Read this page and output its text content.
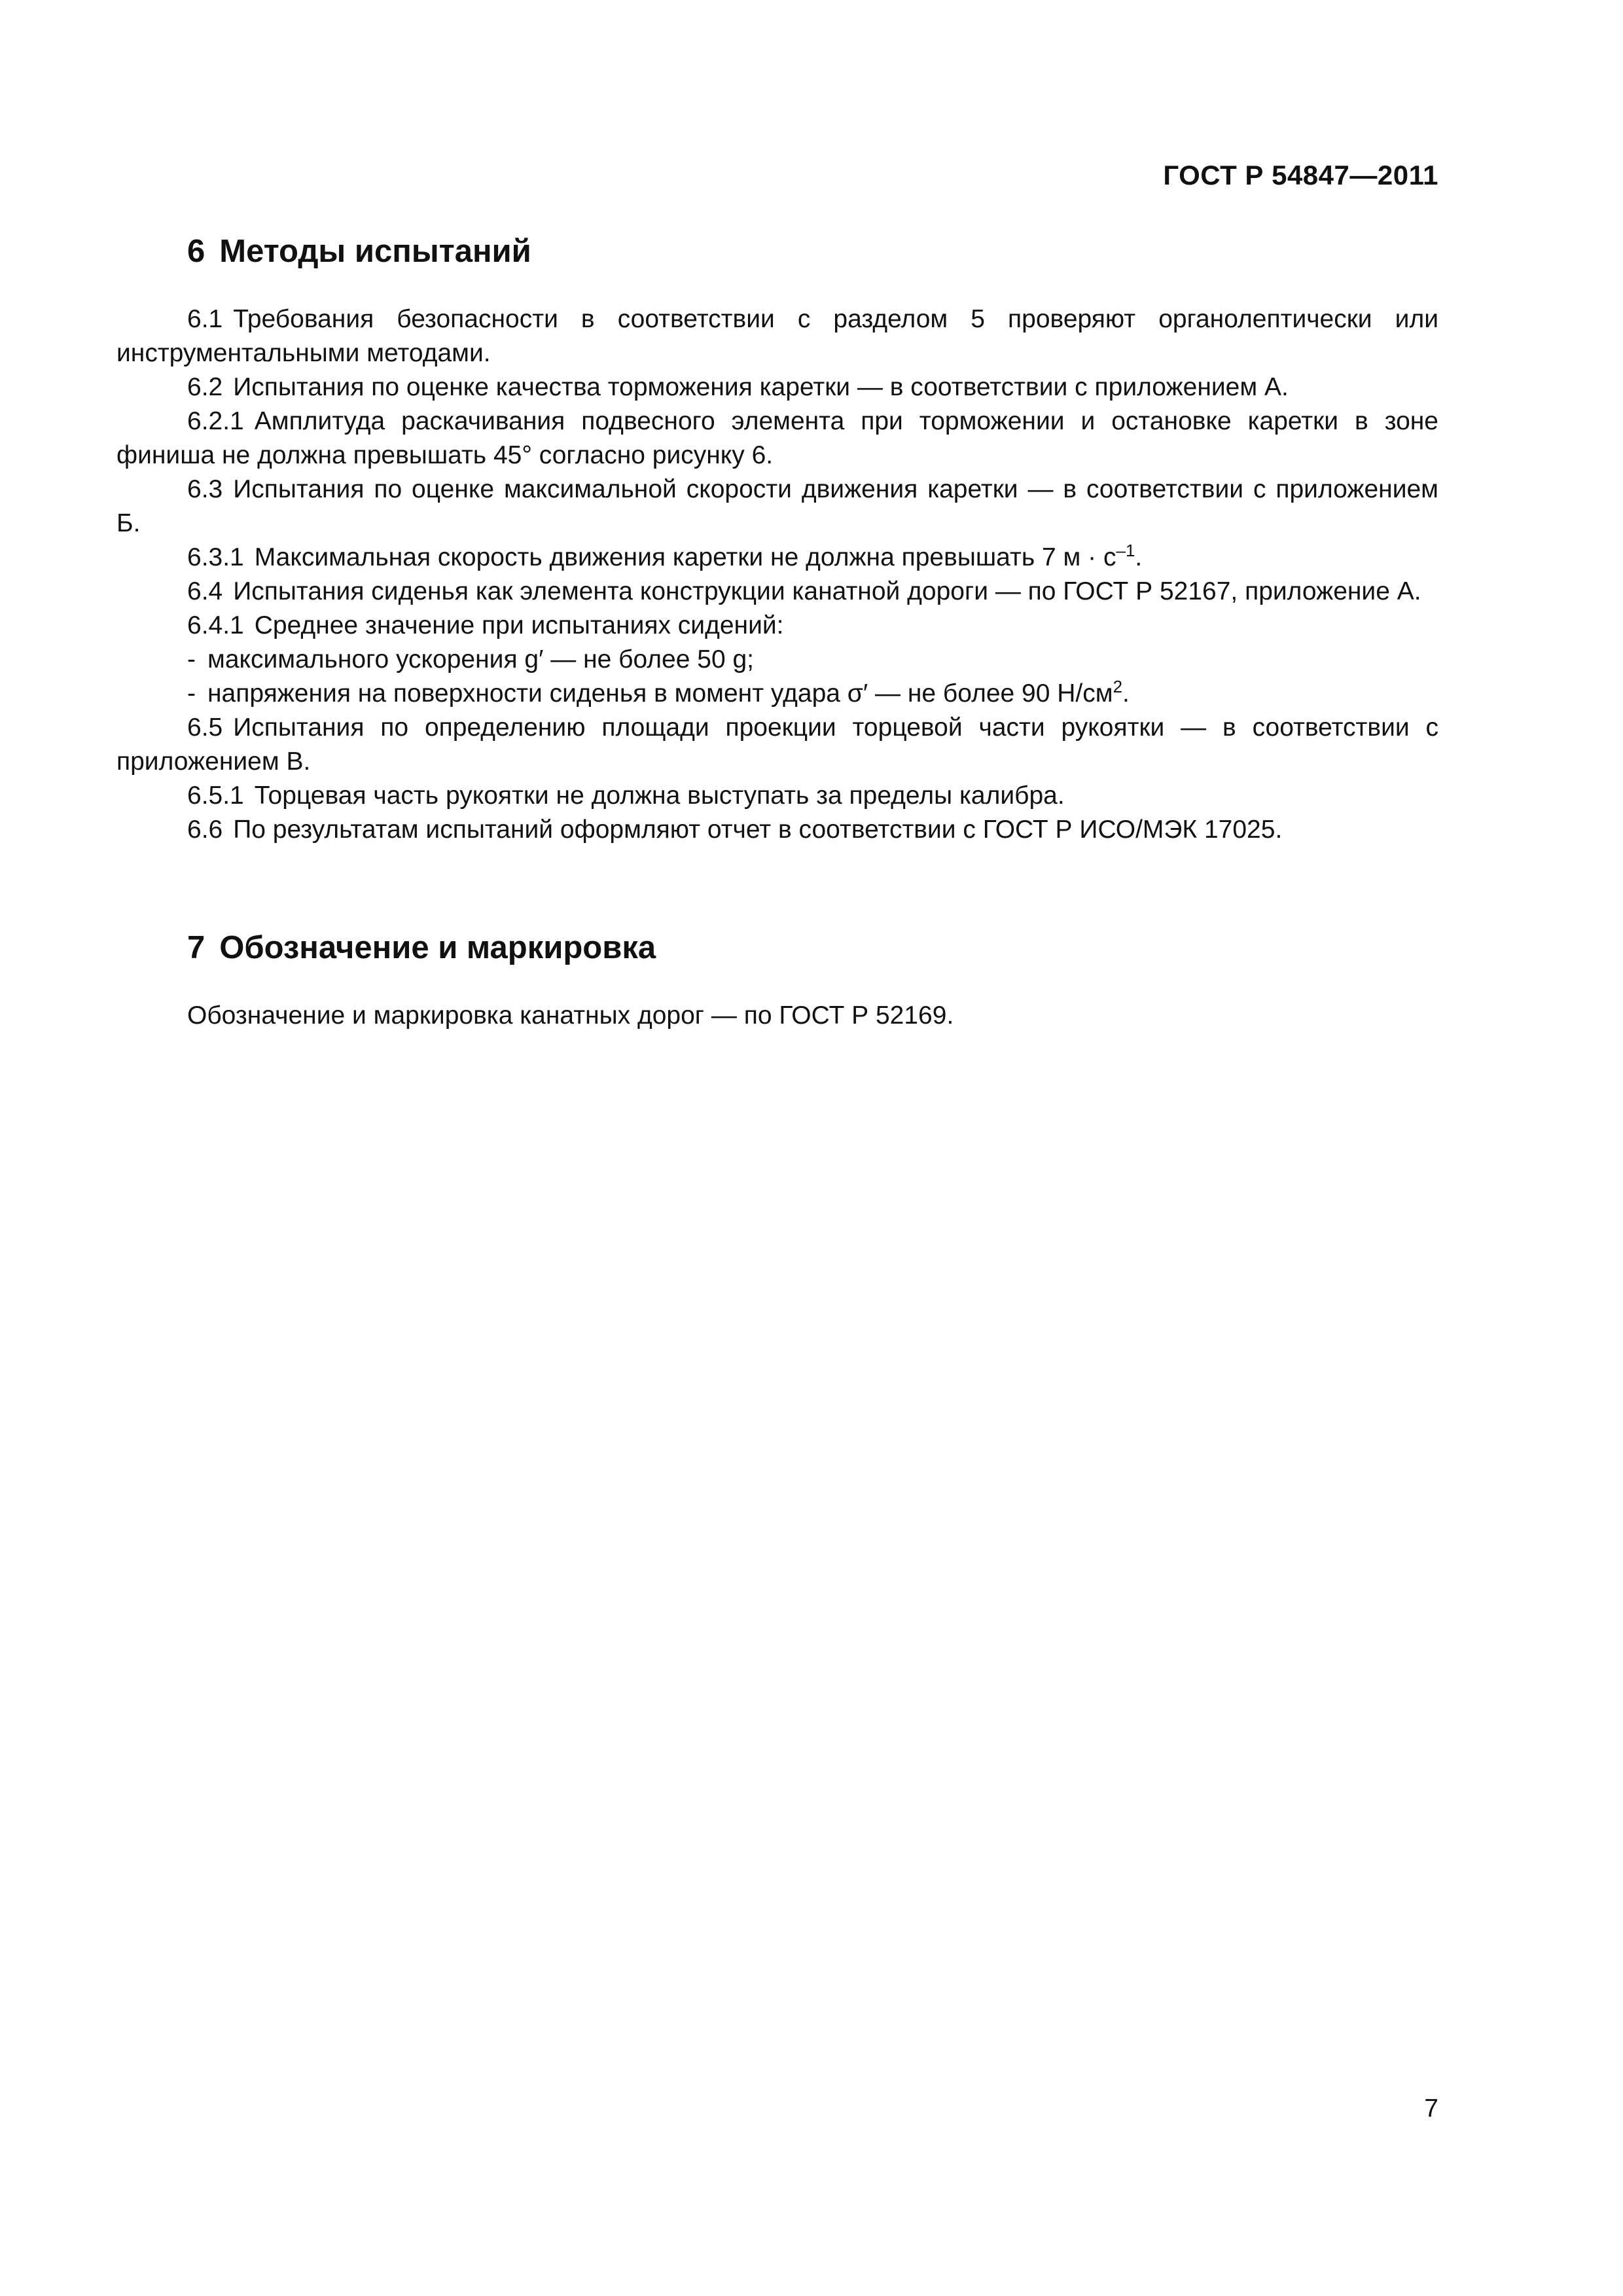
ГОСТ Р 54847—2011
6 Методы испытаний

6.1 Требования безопасности в соответствии с разделом 5 проверяют органолептически или инструментальными методами.

6.2 Испытания по оценке качества торможения каретки — в соответствии с приложением А.

6.2.1 Амплитуда раскачивания подвесного элемента при торможении и остановке каретки в зоне финиша не должна превышать 45° согласно рисунку 6.

6.3 Испытания по оценке максимальной скорости движения каретки — в соответствии с приложением Б.

6.3.1 Максимальная скорость движения каретки не должна превышать 7 $м \cdot с^{-1}$.

6.4 Испытания сиденья как элемента конструкции канатной дороги — по ГОСТ Р 52167, приложение А.

6.4.1 Среднее значение при испытаниях сидений:

- максимального ускорения g′ — не более 50 g;

- напряжения на поверхности сиденья в момент удара σ′ — не более 90 $Н/см^2$.

6.5 Испытания по определению площади проекции торцевой части рукоятки — в соответствии с приложением В.

6.5.1 Торцевая часть рукоятки не должна выступать за пределы калибра.

6.6 По результатам испытаний оформляют отчет в соответствии с ГОСТ Р ИСО/МЭК 17025.

7 Обозначение и маркировка

Обозначение и маркировка канатных дорог — по ГОСТ Р 52169.

7
